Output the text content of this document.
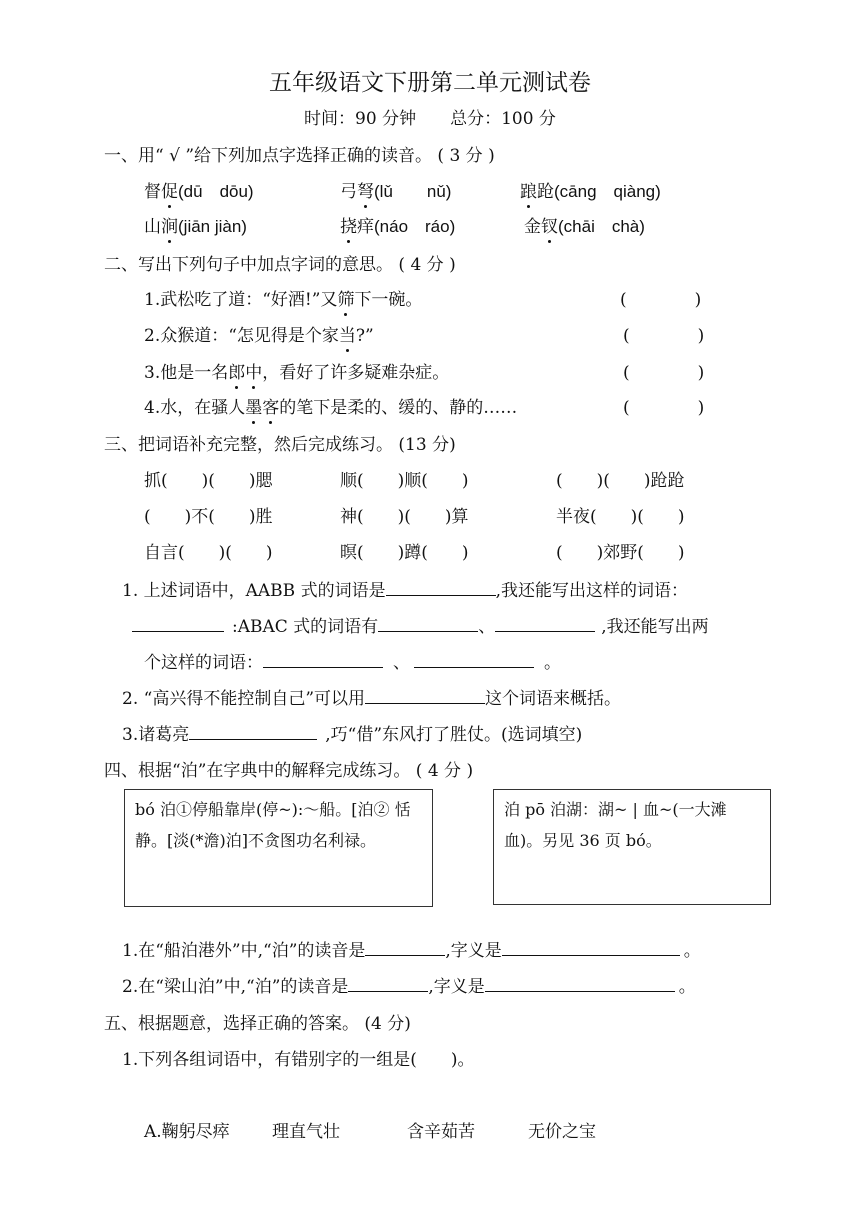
五年级语文下册第二单元测试卷
时间：90 分钟　　总分：100 分
一、用“ √ ”给下列加点字选择正确的读音。 ( 3 分 )
督促(dū　dōu)	弓弩(lǔ　　nǔ)	踉跄(cāng　qiàng)
山涧(jiān jiàn)	挠痒(náo　ráo)	金钗(chāi　chà)
二、写出下列句子中加点字词的意思。 ( 4 分 )
1.武松吃了道：“好酒!”又筛下一碗。	(　　　　)
2.众猴道：“怎见得是个家当?”	(　　　　)
3.他是一名郎中，看好了许多疑难杂症。	(　　　　)
4.水，在骚人墨客的笔下是柔的、缓的、静的……	(　　　　)
三、把词语补充完整，然后完成练习。 (13 分)
抓(　　)(　　)腮	顺(　　)顺(　　)	(　　)(　　)跄跄
(　　)不(　　)胜	神(　　)(　　)算	半夜(　　)(　　)
自言(　　)(　　)	暝(　　)蹲(　　)	(　　)郊野(　　)
1. 上述词语中，AABB 式的词语是	,我还能写出这样的词语：
:ABAC 式的词语有	、	,我还能写出两
个这样的词语：	、	。
2. “高兴得不能控制自己”可以用	这个词语来概括。
3.诸葛亮	,巧“借”东风打了胜仗。(选词填空)
四、根据“泊”在字典中的解释完成练习。 ( 4 分 )
bó 泊①停船靠岸(停~):～船。[泊② 恬静。[淡(*澹)泊]不贪图功名利禄。
泊 pō 泊湖：湖~ | 血~(一大滩血)。另见 36 页 bó。
1.在“船泊港外”中,“泊”的读音是	,字义是	。
2.在“梁山泊”中,“泊”的读音是	,字义是	。
五、根据题意，选择正确的答案。 (4 分)
1.下列各组词语中，有错别字的一组是(　　)。
A.鞠躬尽瘁 理直气壮	含辛茹苦	无价之宝
